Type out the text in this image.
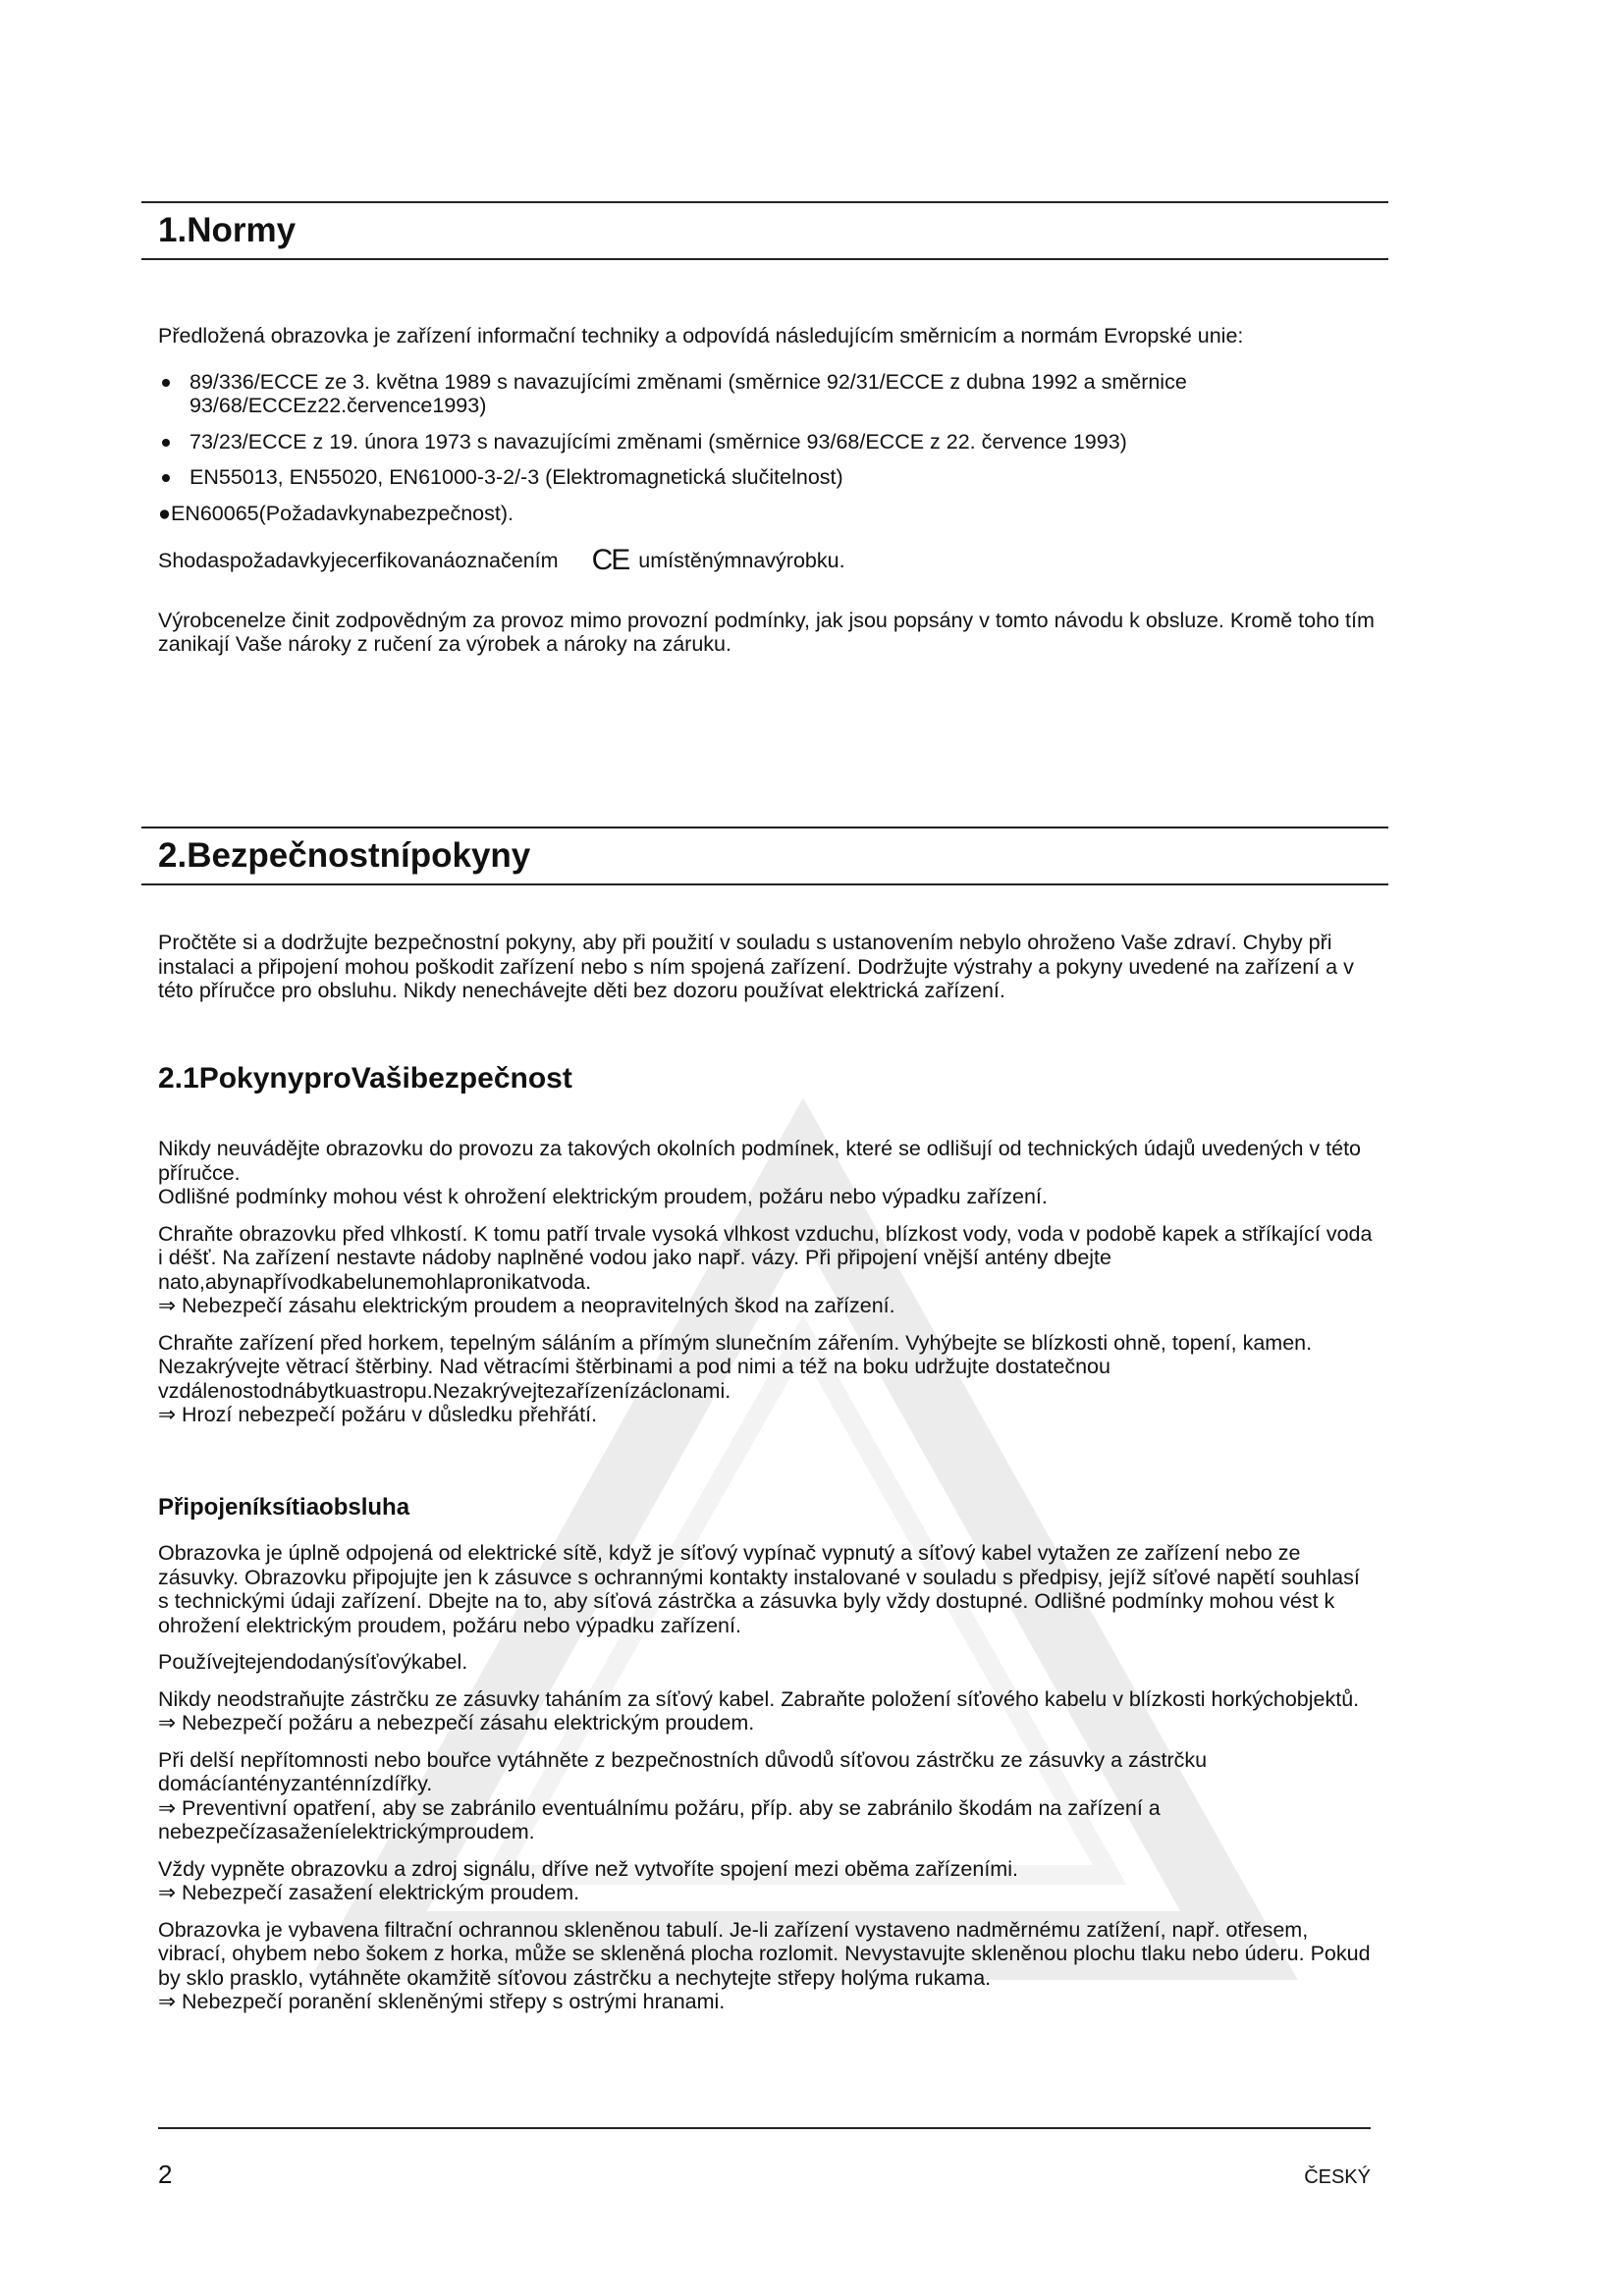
1.Normy

Předložená obrazovka je zařízení informační techniky a odpovídá následujícím směrnicím a normám Evropské unie:

89/336/ECCE ze 3. května 1989 s navazujícími změnami (směrnice 92/31/ECCE z dubna 1992 a směrnice 93/68/ECCEz22.července1993)
73/23/ECCE z 19. února 1973 s navazujícími změnami (směrnice 93/68/ECCE z 22. července 1993)
EN55013, EN55020, EN61000-3-2/-3 (Elektromagnetická slučitelnost)

●EN60065(Požadavkynabezpečnost).

Shodaspožadavkyjecerfikovanáoznačením CE umístěnýmnavýrobku.

Výrobcenelze činit zodpovědným za provoz mimo provozní podmínky, jak jsou popsány v tomto návodu k obsluze. Kromě toho tím zanikají Vaše nároky z ručení za výrobek a nároky na záruku.

2.Bezpečnostnípokyny

Pročtěte si a dodržujte bezpečnostní pokyny, aby při použití v souladu s ustanovením nebylo ohroženo Vaše zdraví. Chyby při instalaci a připojení mohou poškodit zařízení nebo s ním spojená zařízení. Dodržujte výstrahy a pokyny uvedené na zařízení a v této příručce pro obsluhu. Nikdy nenechávejte děti bez dozoru používat elektrická zařízení.

2.1PokynyproVašibezpečnost

Nikdy neuvádějte obrazovku do provozu za takových okolních podmínek, které se odlišují od technických údajů uvedených v této příručce.

Odlišné podmínky mohou vést k ohrožení elektrickým proudem, požáru nebo výpadku zařízení.

Chraňte obrazovku před vlhkostí. K tomu patří trvale vysoká vlhkost vzduchu, blízkost vody, voda v podobě kapek a stříkající voda i déšť. Na zařízení nestavte nádoby naplněné vodou jako např. vázy. Při připojení vnější antény dbejte nato,abynapřívodkabelunemohlapronikatvoda.

⇒ Nebezpečí zásahu elektrickým proudem a neopravitelných škod na zařízení.

Chraňte zařízení před horkem, tepelným sáláním a přímým slunečním zářením. Vyhýbejte se blízkosti ohně, topení, kamen. Nezakrývejte větrací štěrbiny. Nad větracími štěrbinami a pod nimi a též na boku udržujte dostatečnou vzdálenostodnábytkuastropu.Nezakrývejtezařízenízáclonami.

⇒ Hrozí nebezpečí požáru v důsledku přehřátí.

Připojeníksítiaobsluha

Obrazovka je úplně odpojená od elektrické sítě, když je síťový vypínač vypnutý a síťový kabel vytažen ze zařízení nebo ze zásuvky. Obrazovku připojujte jen k zásuvce s ochrannými kontakty instalované v souladu s předpisy, jejíž síťové napětí souhlasí s technickými údaji zařízení. Dbejte na to, aby síťová zástrčka a zásuvka byly vždy dostupné. Odlišné podmínky mohou vést k ohrožení elektrickým proudem, požáru nebo výpadku zařízení.

Používejtejendodanýsíťovýkabel.

Nikdy neodstraňujte zástrčku ze zásuvky taháním za síťový kabel. Zabraňte položení síťového kabelu v blízkosti horkýchobjektů.

⇒ Nebezpečí požáru a nebezpečí zásahu elektrickým proudem.

Při delší nepřítomnosti nebo bouřce vytáhněte z bezpečnostních důvodů síťovou zástrčku ze zásuvky a zástrčku domácíantényzanténnízdířky.

⇒ Preventivní opatření, aby se zabránilo eventuálnímu požáru, příp. aby se zabránilo škodám na zařízení a nebezpečízasaženíelektrickýmproudem.

Vždy vypněte obrazovku a zdroj signálu, dříve než vytvoříte spojení mezi oběma zařízeními.

⇒ Nebezpečí zasažení elektrickým proudem.

Obrazovka je vybavena filtrační ochrannou skleněnou tabulí. Je-li zařízení vystaveno nadměrnému zatížení, např. otřesem, vibrací, ohybem nebo šokem z horka, může se skleněná plocha rozlomit. Nevystavujte skleněnou plochu tlaku nebo úderu. Pokud by sklo prasklo, vytáhněte okamžitě síťovou zástrčku a nechytejte střepy holýma rukama.

⇒ Nebezpečí poranění skleněnými střepy s ostrými hranami.

2	ČESKÝ
